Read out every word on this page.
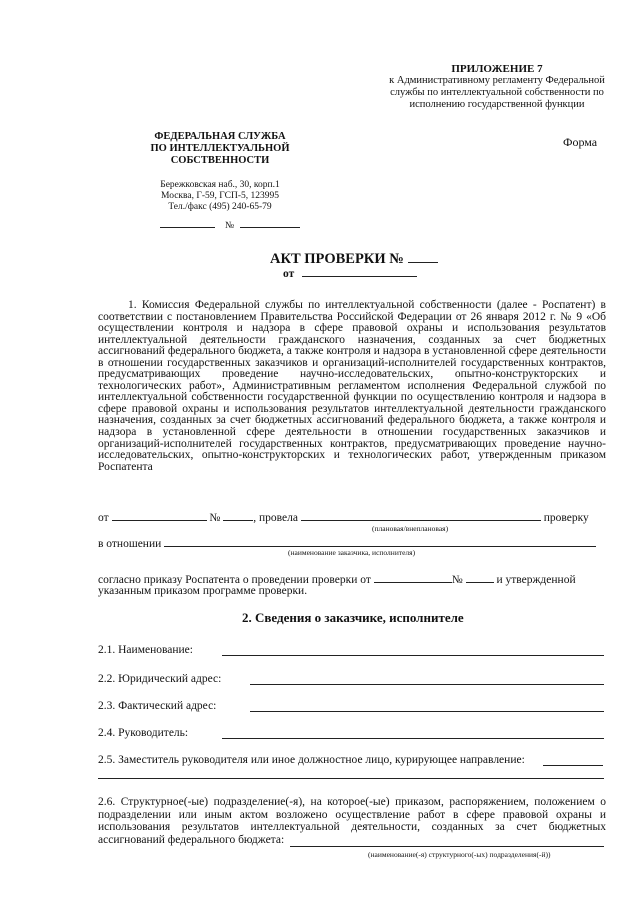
ПРИЛОЖЕНИЕ 7
к Административному регламенту Федеральной
службы по интеллектуальной собственности по
исполнению государственной функции
Форма
ФЕДЕРАЛЬНАЯ СЛУЖБА
ПО ИНТЕЛЛЕКТУАЛЬНОЙ
СОБСТВЕННОСТИ
Бережковская наб., 30, корп.1
Москва, Г-59, ГСП-5, 123995
Тел./факс (495) 240-65-79
№
АКТ ПРОВЕРКИ №
от

1. Комиссия Федеральной службы по интеллектуальной собственности (далее - Роспатент) в соответствии с постановлением Правительства Российской Федерации от 26 января 2012 г. № 9 «Об осуществлении контроля и надзора в сфере правовой охраны и использования результатов интеллектуальной деятельности гражданского назначения, созданных за счет бюджетных ассигнований федерального бюджета, а также контроля и надзора в установленной сфере деятельности в отношении государственных заказчиков и организаций-исполнителей государственных контрактов, предусматривающих проведение научно-исследовательских, опытно-конструкторских и технологических работ», Административным регламентом исполнения Федеральной службой по интеллектуальной собственности государственной функции по осуществлению контроля и надзора в сфере правовой охраны и использования результатов интеллектуальной деятельности гражданского назначения, созданных за счет бюджетных ассигнований федерального бюджета, а также контроля и надзора в установленной сфере деятельности в отношении государственных заказчиков и организаций-исполнителей государственных контрактов, предусматривающих проведение научно-исследовательских, опытно-конструкторских и технологических работ, утвержденным приказом Роспатента

от	№	, провела	проверку
(плановая/внеплановая)
в отношении
(наименование заказчика, исполнителя)
согласно приказу Роспатента о проведении проверки от	№	и утвержденной
указанным приказом программе проверки.
2. Сведения о заказчике, исполнителе
2.1. Наименование:
2.2. Юридический адрес:
2.3. Фактический адрес:
2.4. Руководитель:
2.5. Заместитель руководителя или иное должностное лицо, курирующее направление:

2.6. Структурное(-ые) подразделение(-я), на которое(-ые) приказом, распоряжением, положением о подразделении или иным актом возложено осуществление работ в сфере правовой охраны и использования результатов интеллектуальной деятельности, созданных за счет бюджетных ассигнований федерального бюджета:

(наименование(-я) структурного(-ых) подразделения(-й))
